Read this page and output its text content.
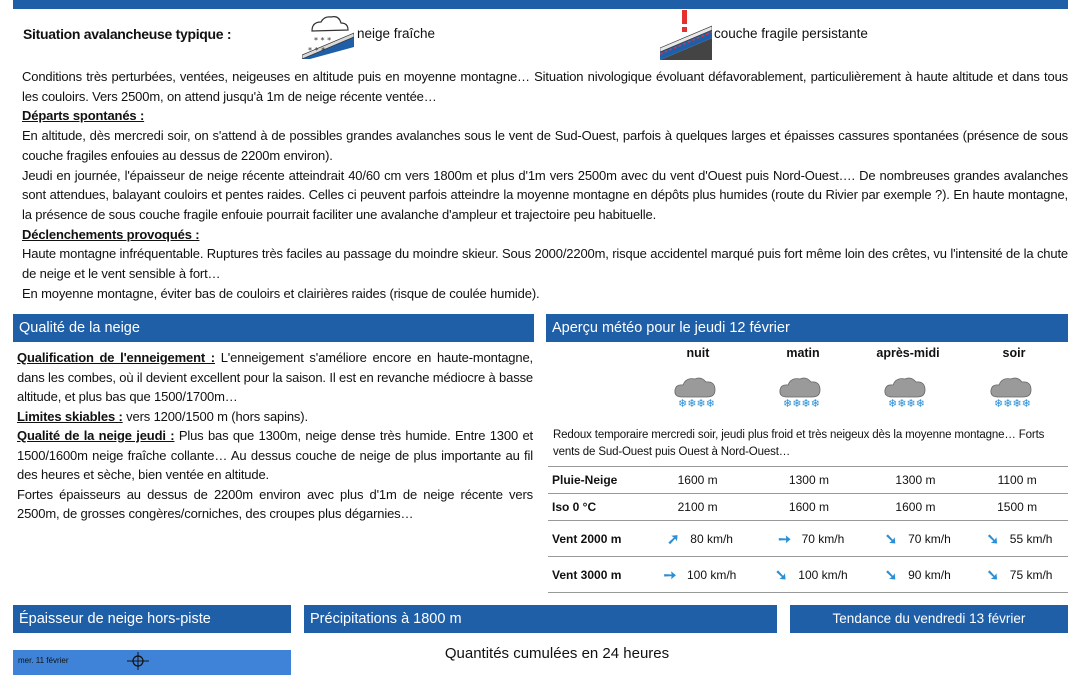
Situation avalancheuse typique :	* * *
* * *
neige fraîche	couche fragile persistante

Conditions très perturbées, ventées, neigeuses en altitude puis en moyenne montagne… Situation nivologique évoluant défavorablement, particulièrement à haute altitude et dans tous les couloirs. Vers 2500m, on attend jusqu'à 1m de neige récente ventée…

Départs spontanés :

En altitude, dès mercredi soir, on s'attend à de possibles grandes avalanches sous le vent de Sud-Ouest, parfois à quelques larges et épaisses cassures spontanées (présence de sous couche fragiles enfouies au dessus de 2200m environ).

Jeudi en journée, l'épaisseur de neige récente atteindrait 40/60 cm vers 1800m et plus d'1m vers 2500m avec du vent d'Ouest puis Nord-Ouest…. De nombreuses grandes avalanches sont attendues, balayant couloirs et pentes raides. Celles ci peuvent parfois atteindre la moyenne montagne en dépôts plus humides (route du Rivier par exemple ?). En haute montagne, la présence de sous couche fragile enfouie pourrait faciliter une avalanche d'ampleur et trajectoire peu habituelle.

Déclenchements provoqués :

Haute montagne infréquentable. Ruptures très faciles au passage du moindre skieur. Sous 2000/2200m, risque accidentel marqué puis fort même loin des crêtes, vu l'intensité de la chute de neige et le vent sensible à fort…

En moyenne montagne, éviter bas de couloirs et clairières raides (risque de coulée humide).

Qualité de la neige

Qualification de l'enneigement : L'enneigement s'améliore encore en haute-montagne, dans les combes, où il devient excellent pour la saison. Il est en revanche médiocre à basse altitude, et plus bas que 1500/1700m…

Limites skiables : vers 1200/1500 m (hors sapins).

Qualité de la neige jeudi : Plus bas que 1300m, neige dense très humide. Entre 1300 et 1500/1600m neige fraîche collante… Au dessus couche de neige de plus importante au fil des heures et sèche, bien ventée en altitude.

Fortes épaisseurs au dessus de 2200m environ avec plus d'1m de neige récente vers 2500m, de grosses congères/corniches, des croupes plus dégarnies…

Aperçu météo pour le jeudi 12 février
nuit	matin	après-midi	soir
Redoux temporaire mercredi soir, jeudi plus froid et très neigeux dès la moyenne montagne… Forts vents de Sud-Ouest puis Ouest à Nord-Ouest…
Pluie-Neige	1600 m	1300 m	1300 m	1100 m
Iso 0 °C	2100 m	1600 m	1600 m	1500 m
Vent 2000 m	➚ 80 km/h	➙ 70 km/h	➘ 70 km/h	➘ 55 km/h

Vent 3000 m	➙ 100 km/h	➘ 100 km/h	➘ 90 km/h	➘ 75 km/h
Épaisseur de neige hors-piste
mer. 11 février
Précipitations à 1800 m
Quantités cumulées en 24 heures
Tendance du vendredi 13 février
